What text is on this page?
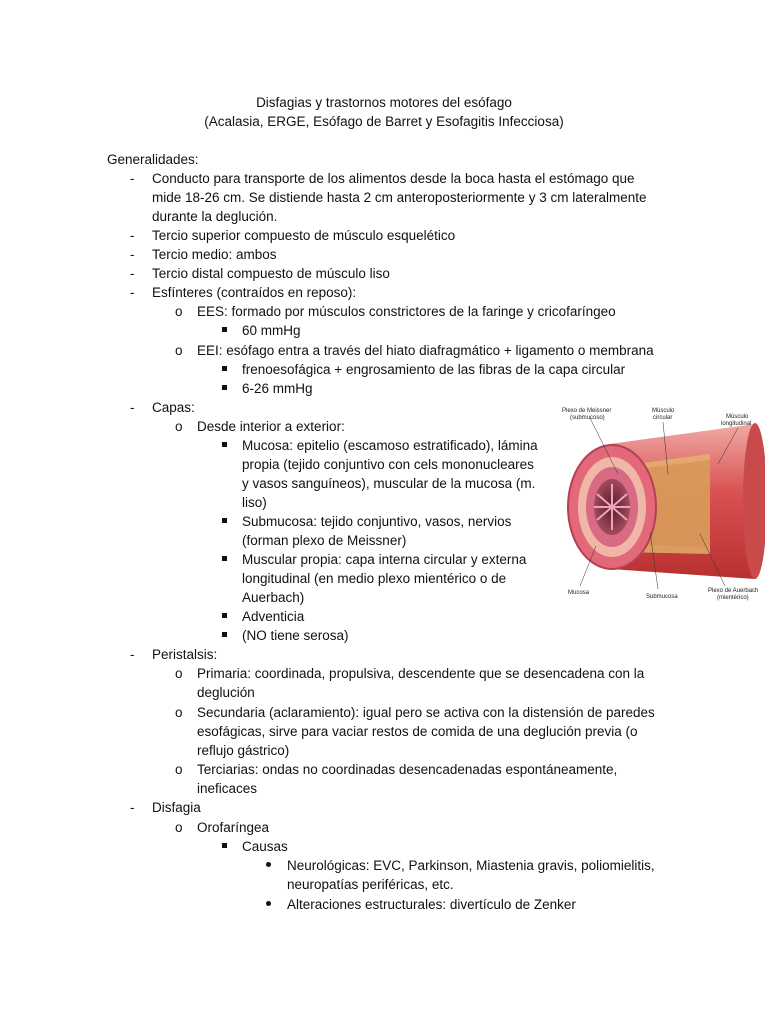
Disfagias y trastornos motores del esófago
(Acalasia, ERGE, Esófago de Barret y Esofagitis Infecciosa)
Generalidades:
- Conducto para transporte de los alimentos desde la boca hasta el estómago que
mide 18-26 cm. Se distiende hasta 2 cm anteroposteriormente y 3 cm lateralmente
durante la deglución.
- Tercio superior compuesto de músculo esquelético
- Tercio medio: ambos
- Tercio distal compuesto de músculo liso
- Esfínteres (contraídos en reposo):
o EES: formado por músculos constrictores de la faringe y cricofaríngeo
60 mmHg
o EEI: esófago entra a través del hiato diafragmático + ligamento o membrana
frenoesofágica + engrosamiento de las fibras de la capa circular
6-26 mmHg
- Capas:
o Desde interior a exterior:
Mucosa: epitelio (escamoso estratificado), lámina
propia (tejido conjuntivo con cels mononucleares
y vasos sanguíneos), muscular de la mucosa (m.
liso)
Submucosa: tejido conjuntivo, vasos, nervios
(forman plexo de Meissner)
Muscular propia: capa interna circular y externa
longitudinal (en medio plexo mientérico o de
Auerbach)
Adventicia
(NO tiene serosa)
- Peristalsis:
o Primaria: coordinada, propulsiva, descendente que se desencadena con la
deglución
o Secundaria (aclaramiento): igual pero se activa con la distensión de paredes
esofágicas, sirve para vaciar restos de comida de una deglución previa (o
reflujo gástrico)
o Terciarias: ondas no coordinadas desencadenadas espontáneamente,
ineficaces
- Disfagia
o Orofaríngea
Causas
Neurológicas: EVC, Parkinson, Miastenia gravis, poliomielitis,
neuropatías periféricas, etc.
Alteraciones estructurales: divertículo de Zenker
Plexo de Meissner
(submucoso)
Músculo
circular	Músculo
longitudinal
Mucosa
Submucosa
Plexo de Auerbach
(mientérico)
